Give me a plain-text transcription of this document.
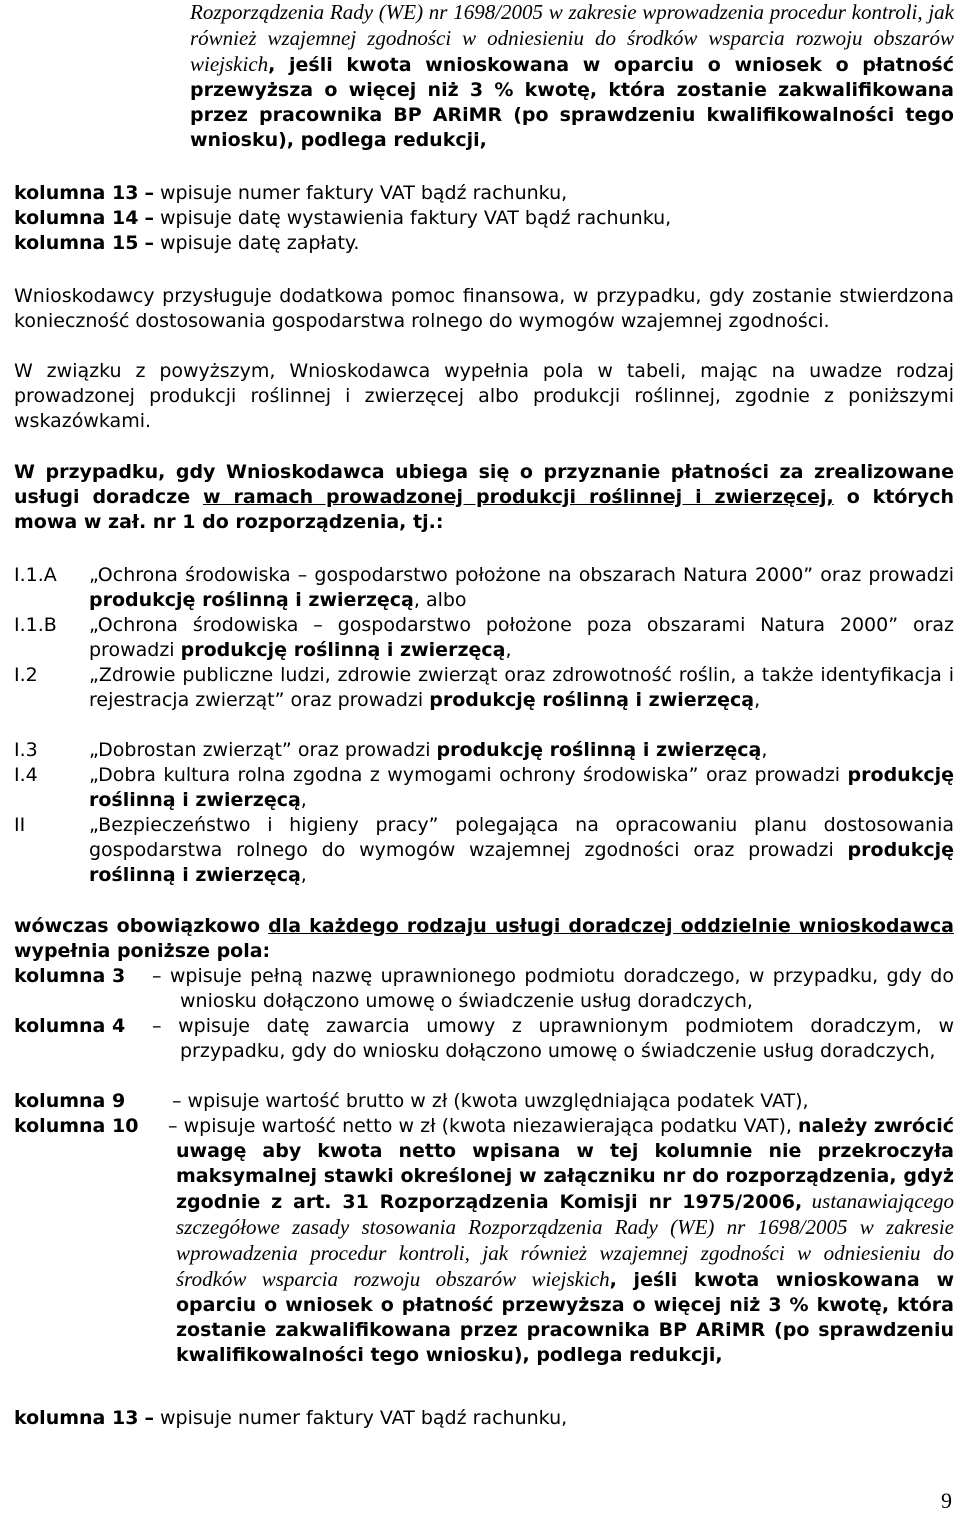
Rozporządzenia Rady (WE) nr 1698/2005 w zakresie wprowadzenia procedur kontroli, jak również wzajemnej zgodności w odniesieniu do środków wsparcia rozwoju obszarów wiejskich, jeśli kwota wnioskowana w oparciu o wniosek o płatność przewyższa o więcej niż 3 % kwotę, która zostanie zakwalifikowana przez pracownika BP ARiMR (po sprawdzeniu kwalifikowalności tego wniosku), podlega redukcji,
kolumna 13 – wpisuje numer faktury VAT bądź rachunku,
kolumna 14 – wpisuje datę wystawienia faktury VAT bądź rachunku,
kolumna 15 – wpisuje datę zapłaty.
Wnioskodawcy przysługuje dodatkowa pomoc finansowa, w przypadku, gdy zostanie stwierdzona konieczność dostosowania gospodarstwa rolnego do wymogów wzajemnej zgodności.
W związku z powyższym, Wnioskodawca wypełnia pola w tabeli, mając na uwadze rodzaj prowadzonej produkcji roślinnej i zwierzęcej albo produkcji roślinnej, zgodnie z poniższymi wskazówkami.
W przypadku, gdy Wnioskodawca ubiega się o przyznanie płatności za zrealizowane usługi doradcze w ramach prowadzonej produkcji roślinnej i zwierzęcej, o których mowa w zał. nr 1 do rozporządzenia, tj.:
I.1.A „Ochrona środowiska – gospodarstwo położone na obszarach Natura 2000” oraz prowadzi produkcję roślinną i zwierzęcą, albo
I.1.B „Ochrona środowiska – gospodarstwo położone poza obszarami Natura 2000” oraz prowadzi produkcję roślinną i zwierzęcą,
I.2	„Zdrowie publiczne ludzi, zdrowie zwierząt oraz zdrowotność roślin, a także identyfikacja i rejestracja zwierząt” oraz prowadzi produkcję roślinną i zwierzęcą,
I.3	„Dobrostan zwierząt” oraz prowadzi produkcję roślinną i zwierzęcą,
I.4	„Dobra kultura rolna zgodna z wymogami ochrony środowiska” oraz prowadzi produkcję roślinną i zwierzęcą,
II	„Bezpieczeństwo i higieny pracy” polegająca na opracowaniu planu dostosowania gospodarstwa rolnego do wymogów wzajemnej zgodności oraz prowadzi produkcję roślinną i zwierzęcą,
wówczas obowiązkowo dla każdego rodzaju usługi doradczej oddzielnie wnioskodawca wypełnia poniższe pola:
kolumna 3	– wpisuje pełną nazwę uprawnionego podmiotu doradczego, w przypadku, gdy do wniosku dołączono umowę o świadczenie usług doradczych,
kolumna 4	– wpisuje datę zawarcia umowy z uprawnionym podmiotem doradczym, w przypadku, gdy do wniosku dołączono umowę o świadczenie usług doradczych,
kolumna 9	– wpisuje wartość brutto w zł (kwota uwzględniająca podatek VAT),
kolumna 10	– wpisuje wartość netto w zł (kwota niezawierająca podatku VAT), należy zwrócić uwagę aby kwota netto wpisana w tej kolumnie nie przekroczyła maksymalnej stawki określonej w załączniku nr do rozporządzenia, gdyż zgodnie z art. 31 Rozporządzenia Komisji nr 1975/2006, ustanawiającego szczegółowe zasady stosowania Rozporządzenia Rady (WE) nr 1698/2005 w zakresie wprowadzenia procedur kontroli, jak również wzajemnej zgodności w odniesieniu do środków wsparcia rozwoju obszarów wiejskich, jeśli kwota wnioskowana w oparciu o wniosek o płatność przewyższa o więcej niż 3 % kwotę, która zostanie zakwalifikowana przez pracownika BP ARiMR (po sprawdzeniu kwalifikowalności tego wniosku), podlega redukcji,
kolumna 13 – wpisuje numer faktury VAT bądź rachunku,
9
